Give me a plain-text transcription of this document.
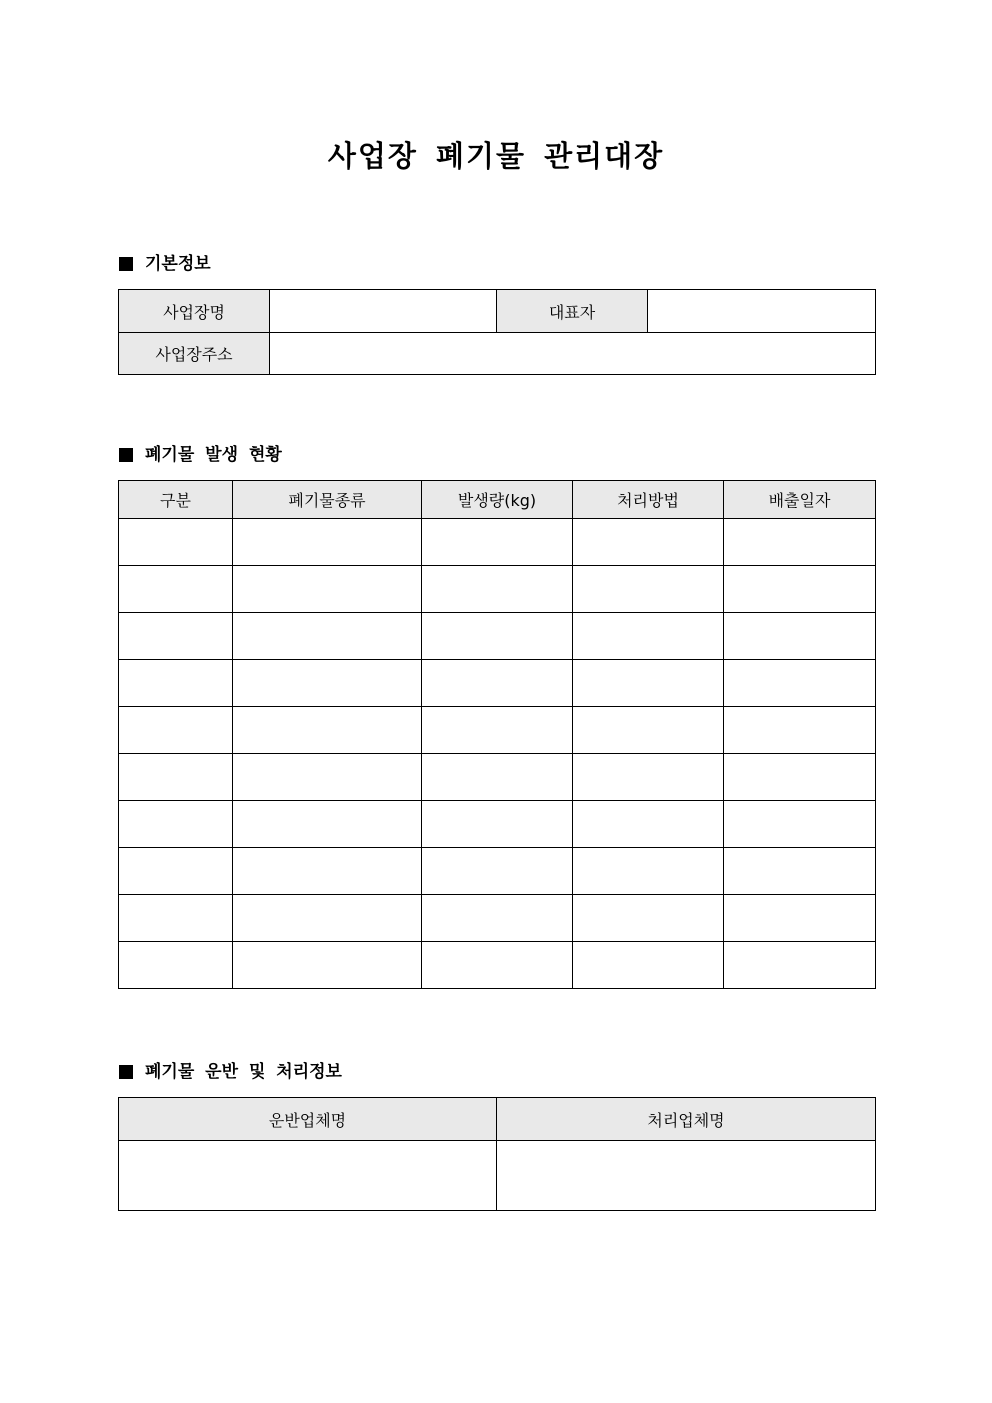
사업장 폐기물 관리대장
기본정보
사업장명		대표자	
사업장주소			
폐기물 발생 현황
구분	폐기물종류	발생량(kg)	처리방법	배출일자

폐기물 운반 및 처리정보
운반업체명	처리업체명
